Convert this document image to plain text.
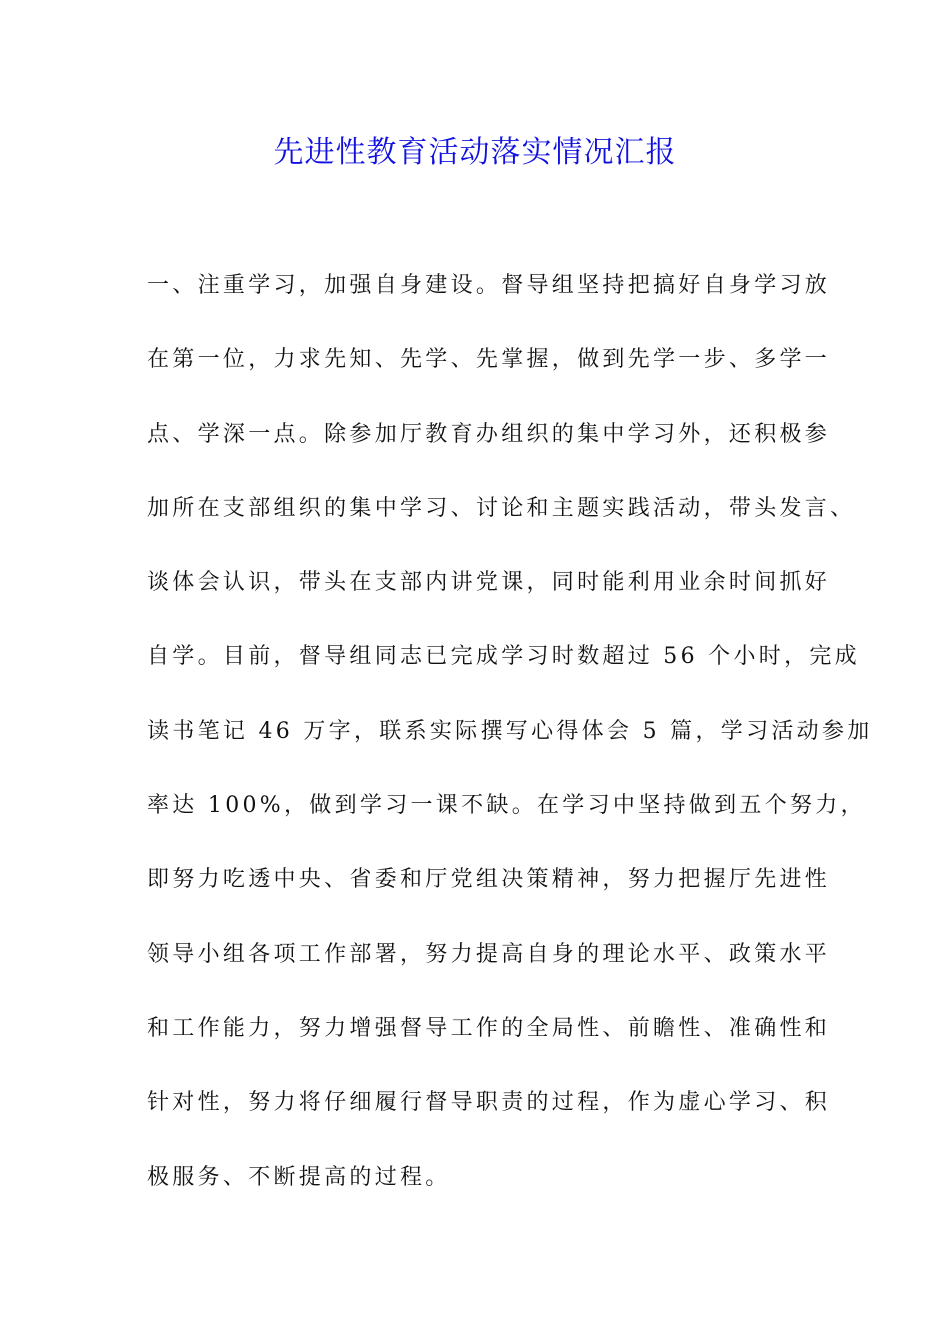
先进性教育活动落实情况汇报
一、注重学习，加强自身建设。督导组坚持把搞好自身学习放
在第一位，力求先知、先学、先掌握，做到先学一步、多学一
点、学深一点。除参加厅教育办组织的集中学习外，还积极参
加所在支部组织的集中学习、讨论和主题实践活动，带头发言、
谈体会认识，带头在支部内讲党课，同时能利用业余时间抓好
自学。目前，督导组同志已完成学习时数超过 56 个小时，完成
读书笔记 46 万字，联系实际撰写心得体会 5 篇，学习活动参加
率达 100%，做到学习一课不缺。在学习中坚持做到五个努力，
即努力吃透中央、省委和厅党组决策精神，努力把握厅先进性
领导小组各项工作部署，努力提高自身的理论水平、政策水平
和工作能力，努力增强督导工作的全局性、前瞻性、准确性和
针对性，努力将仔细履行督导职责的过程，作为虚心学习、积
极服务、不断提高的过程。
